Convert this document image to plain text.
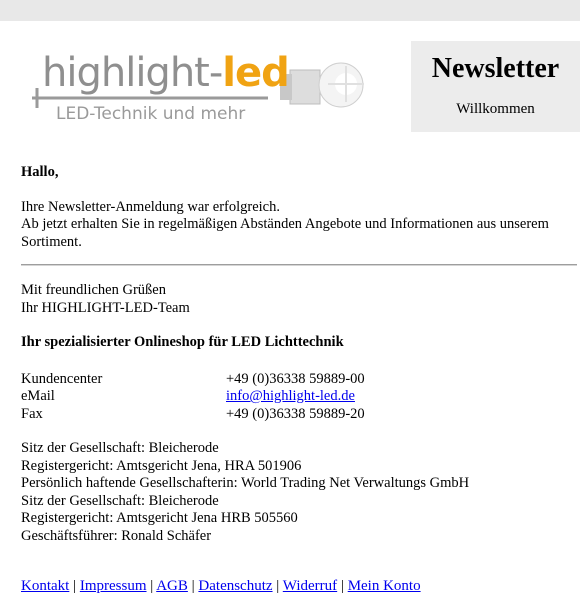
highlight-led
LED-Technik und mehr
Newsletter
Willkommen

Hallo,

Ihre Newsletter-Anmeldung war erfolgreich.

Ab jetzt erhalten Sie in regelmäßigen Abständen Angebote und Informationen aus unserem Sortiment.

Mit freundlichen Grüßen

Ihr HIGHLIGHT-LED-Team

Ihr spezialisierter Onlineshop für LED Lichttechnik

Kundencenter	+49 (0)36338 59889-00
eMail	info@highlight-led.de
Fax	+49 (0)36338 59889-20

Sitz der Gesellschaft: Bleicherode

Registergericht: Amtsgericht Jena, HRA 501906

Persönlich haftende Gesellschafterin: World Trading Net Verwaltungs GmbH

Sitz der Gesellschaft: Bleicherode

Registergericht: Amtsgericht Jena HRB 505560

Geschäftsführer: Ronald Schäfer

Kontakt | Impressum | AGB | Datenschutz | Widerruf | Mein Konto
